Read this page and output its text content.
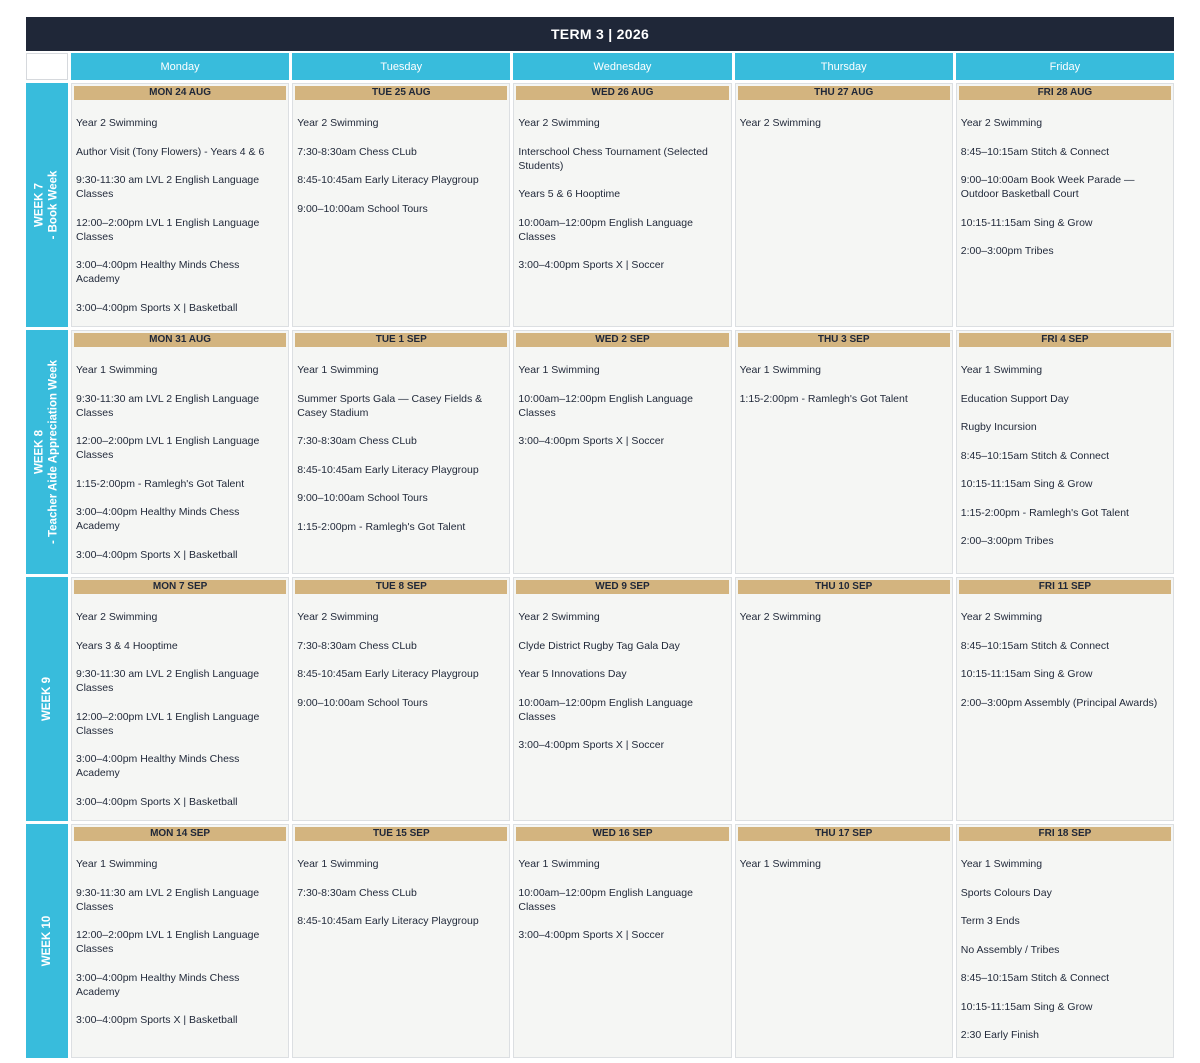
TERM 3 | 2026
Monday	Tuesday	Wednesday	Thursday	Friday
WEEK 7 - Book Week
MON 24 AUG
Year 2 Swimming
Author Visit (Tony Flowers) - Years 4 & 6
9:30-11:30 am LVL 2 English Language Classes
12:00–2:00pm LVL 1 English Language Classes
3:00–4:00pm Healthy Minds Chess Academy
3:00–4:00pm Sports X | Basketball
TUE 25 AUG
Year 2 Swimming
7:30-8:30am Chess CLub
8:45-10:45am Early Literacy Playgroup
9:00–10:00am School Tours
WED 26 AUG
Year 2 Swimming
Interschool Chess Tournament (Selected Students)
Years 5 & 6 Hooptime
10:00am–12:00pm English Language Classes
3:00–4:00pm Sports X | Soccer
THU 27 AUG
Year 2 Swimming
FRI 28 AUG
Year 2 Swimming
8:45–10:15am Stitch & Connect
9:00–10:00am Book Week Parade — Outdoor Basketball Court
10:15-11:15am Sing & Grow
2:00–3:00pm Tribes
WEEK 8 - Teacher Aide Appreciation Week
MON 31 AUG
Year 1 Swimming
9:30-11:30 am LVL 2 English Language Classes
12:00–2:00pm LVL 1 English Language Classes
1:15-2:00pm - Ramlegh's Got Talent
3:00–4:00pm Healthy Minds Chess Academy
3:00–4:00pm Sports X | Basketball
TUE 1 SEP
Year 1 Swimming
Summer Sports Gala — Casey Fields & Casey Stadium
7:30-8:30am Chess CLub
8:45-10:45am Early Literacy Playgroup
9:00–10:00am School Tours
1:15-2:00pm - Ramlegh's Got Talent
WED 2 SEP
Year 1 Swimming
10:00am–12:00pm English Language Classes
3:00–4:00pm Sports X | Soccer
THU 3 SEP
Year 1 Swimming
1:15-2:00pm - Ramlegh's Got Talent
FRI 4 SEP
Year 1 Swimming
Education Support Day
Rugby Incursion
8:45–10:15am Stitch & Connect
10:15-11:15am Sing & Grow
1:15-2:00pm - Ramlegh's Got Talent
2:00–3:00pm Tribes
WEEK 9
MON 7 SEP
Year 2 Swimming
Years 3 & 4 Hooptime
9:30-11:30 am LVL 2 English Language Classes
12:00–2:00pm LVL 1 English Language Classes
3:00–4:00pm Healthy Minds Chess Academy
3:00–4:00pm Sports X | Basketball
TUE 8 SEP
Year 2 Swimming
7:30-8:30am Chess CLub
8:45-10:45am Early Literacy Playgroup
9:00–10:00am School Tours
WED 9 SEP
Year 2 Swimming
Clyde District Rugby Tag Gala Day
Year 5 Innovations Day
10:00am–12:00pm English Language Classes
3:00–4:00pm Sports X | Soccer
THU 10 SEP
Year 2 Swimming
FRI 11 SEP
Year 2 Swimming
8:45–10:15am Stitch & Connect
10:15-11:15am Sing & Grow
2:00–3:00pm Assembly (Principal Awards)
WEEK 10
MON 14 SEP
Year 1 Swimming
9:30-11:30 am LVL 2 English Language Classes
12:00–2:00pm LVL 1 English Language Classes
3:00–4:00pm Healthy Minds Chess Academy
3:00–4:00pm Sports X | Basketball
TUE 15 SEP
Year 1 Swimming
7:30-8:30am Chess CLub
8:45-10:45am Early Literacy Playgroup
WED 16 SEP
Year 1 Swimming
10:00am–12:00pm English Language Classes
3:00–4:00pm Sports X | Soccer
THU 17 SEP
Year 1 Swimming
FRI 18 SEP
Year 1 Swimming
Sports Colours Day
Term 3 Ends
No Assembly / Tribes
8:45–10:15am Stitch & Connect
10:15-11:15am Sing & Grow
2:30 Early Finish
